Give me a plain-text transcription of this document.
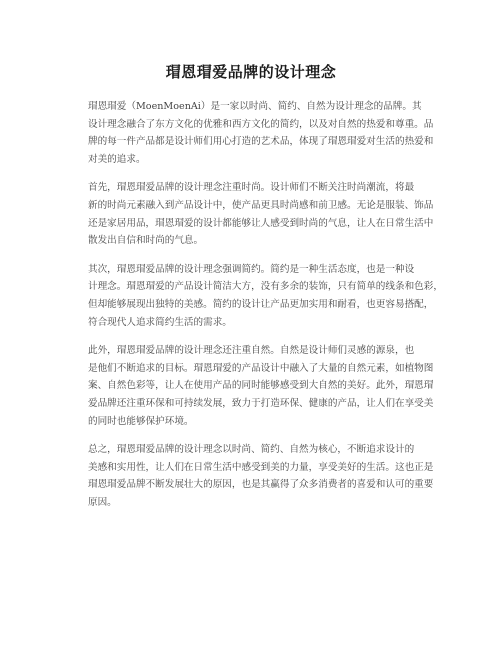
瑁恩瑁爱品牌的设计理念

瑁恩瑁爱（MoenMoenAi）是一家以时尚、简约、自然为设计理念的品牌。其
设计理念融合了东方文化的优雅和西方文化的简约，以及对自然的热爱和尊重。品
牌的每一件产品都是设计师们用心打造的艺术品，体现了瑁恩瑁爱对生活的热爱和
对美的追求。

首先，瑁恩瑁爱品牌的设计理念注重时尚。设计师们不断关注时尚潮流，将最
新的时尚元素融入到产品设计中，使产品更具时尚感和前卫感。无论是服装、饰品
还是家居用品，瑁恩瑁爱的设计都能够让人感受到时尚的气息，让人在日常生活中
散发出自信和时尚的气息。

其次，瑁恩瑁爱品牌的设计理念强调简约。简约是一种生活态度，也是一种设
计理念。瑁恩瑁爱的产品设计简洁大方，没有多余的装饰，只有简单的线条和色彩，
但却能够展现出独特的美感。简约的设计让产品更加实用和耐看，也更容易搭配，
符合现代人追求简约生活的需求。

此外，瑁恩瑁爱品牌的设计理念还注重自然。自然是设计师们灵感的源泉，也
是他们不断追求的目标。瑁恩瑁爱的产品设计中融入了大量的自然元素，如植物图
案、自然色彩等，让人在使用产品的同时能够感受到大自然的美好。此外，瑁恩瑁
爱品牌还注重环保和可持续发展，致力于打造环保、健康的产品，让人们在享受美
的同时也能够保护环境。

总之，瑁恩瑁爱品牌的设计理念以时尚、简约、自然为核心，不断追求设计的
美感和实用性，让人们在日常生活中感受到美的力量，享受美好的生活。这也正是
瑁恩瑁爱品牌不断发展壮大的原因，也是其赢得了众多消费者的喜爱和认可的重要
原因。
